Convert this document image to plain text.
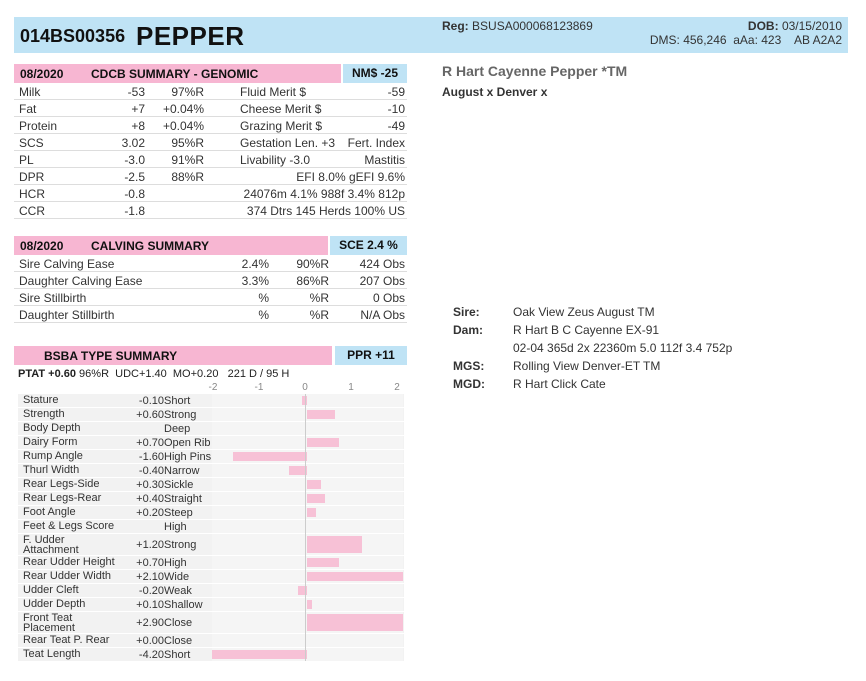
014BS00356 PEPPER	Reg: BSUSA000068123869	DOB: 03/15/2010
DMS: 456,246  aAa: 423    AB A2A2
08/2020 CDCB SUMMARY - GENOMIC	NM$ -25
Milk	-53 97%R	Fluid Merit $	-59
Fat	+7 +0.04%	Cheese Merit $	-10
Protein	+8 +0.04%	Grazing Merit $	-49
SCS	3.02 95%R	Gestation Len. +3 Fert. Index
PL	-3.0 91%R	Livability -3.0	Mastitis
DPR	-2.5 88%R	EFI 8.0% gEFI 9.6%
HCR	-0.8	24076m 4.1% 988f 3.4% 812p
CCR	-1.8	374 Dtrs 145 Herds 100% US
08/2020 CALVING SUMMARY	SCE 2.4 %
Sire Calving Ease	2.4% 90%R	424 Obs
Daughter Calving Ease	3.3% 86%R	207 Obs
Sire Stillbirth	%	%R	0 Obs
Daughter Stillbirth	%	%R	N/A Obs
BSBA TYPE SUMMARY	PPR +11
PTAT +0.60 96%R  UDC+1.40  MO+0.20   221 D / 95 H
-2	-1	0	1	2
Stature	-0.10 Short
Strength	+0.60 Strong
Body Depth	Deep
Dairy Form	+0.70 Open Rib
Rump Angle	-1.60 High Pins
Thurl Width	-0.40 Narrow
Rear Legs-Side	+0.30 Sickle
Rear Legs-Rear	+0.40 Straight
Foot Angle	+0.20 Steep
Feet & Legs Score	High
F. Udder Attachment	+1.20 Strong
Rear Udder Height	+0.70 High
Rear Udder Width	+2.10 Wide
Udder Cleft	-0.20 Weak
Udder Depth	+0.10 Shallow
Front Teat Placement	+2.90 Close
Rear Teat P. Rear	+0.00 Close
Teat Length	-4.20 Short
R Hart Cayenne Pepper *TM
August x Denver x
Sire:	Oak View Zeus August TM
Dam: R Hart B C Cayenne EX-91
02-04 365d 2x 22360m 5.0 112f 3.4 752p
MGS: Rolling View Denver-ET TM
MGD: R Hart Click Cate
